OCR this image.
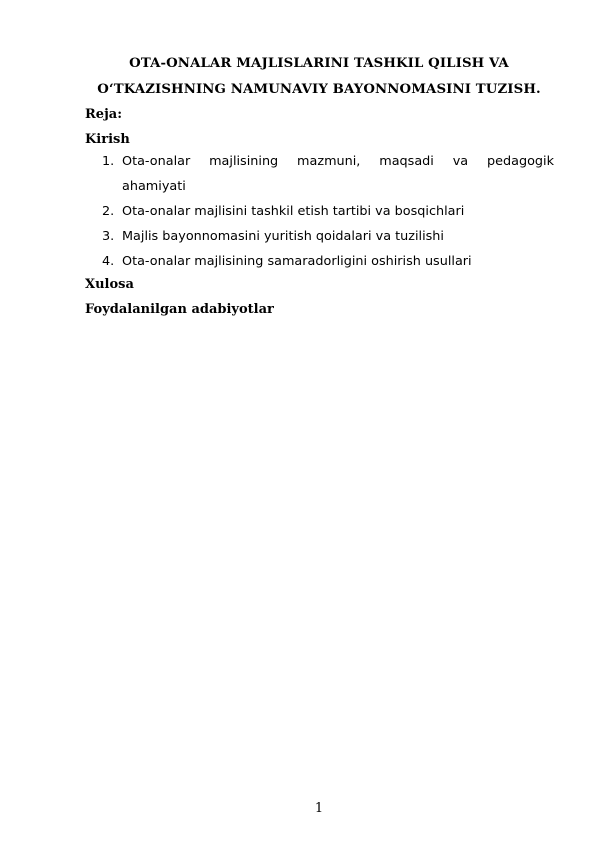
OTA-ONALAR MAJLISLARINI TASHKIL QILISH VA
O‘TKAZISHNING NAMUNAVIY BAYONNOMASINI TUZISH.
Reja:
Kirish
1. Ota-onalar majlisining mazmuni, maqsadi va pedagogik
ahamiyati
2. Ota-onalar majlisini tashkil etish tartibi va bosqichlari
3. Majlis bayonnomasini yuritish qoidalari va tuzilishi
4. Ota-onalar majlisining samaradorligini oshirish usullari
Xulosa
Foydalanilgan adabiyotlar
1
